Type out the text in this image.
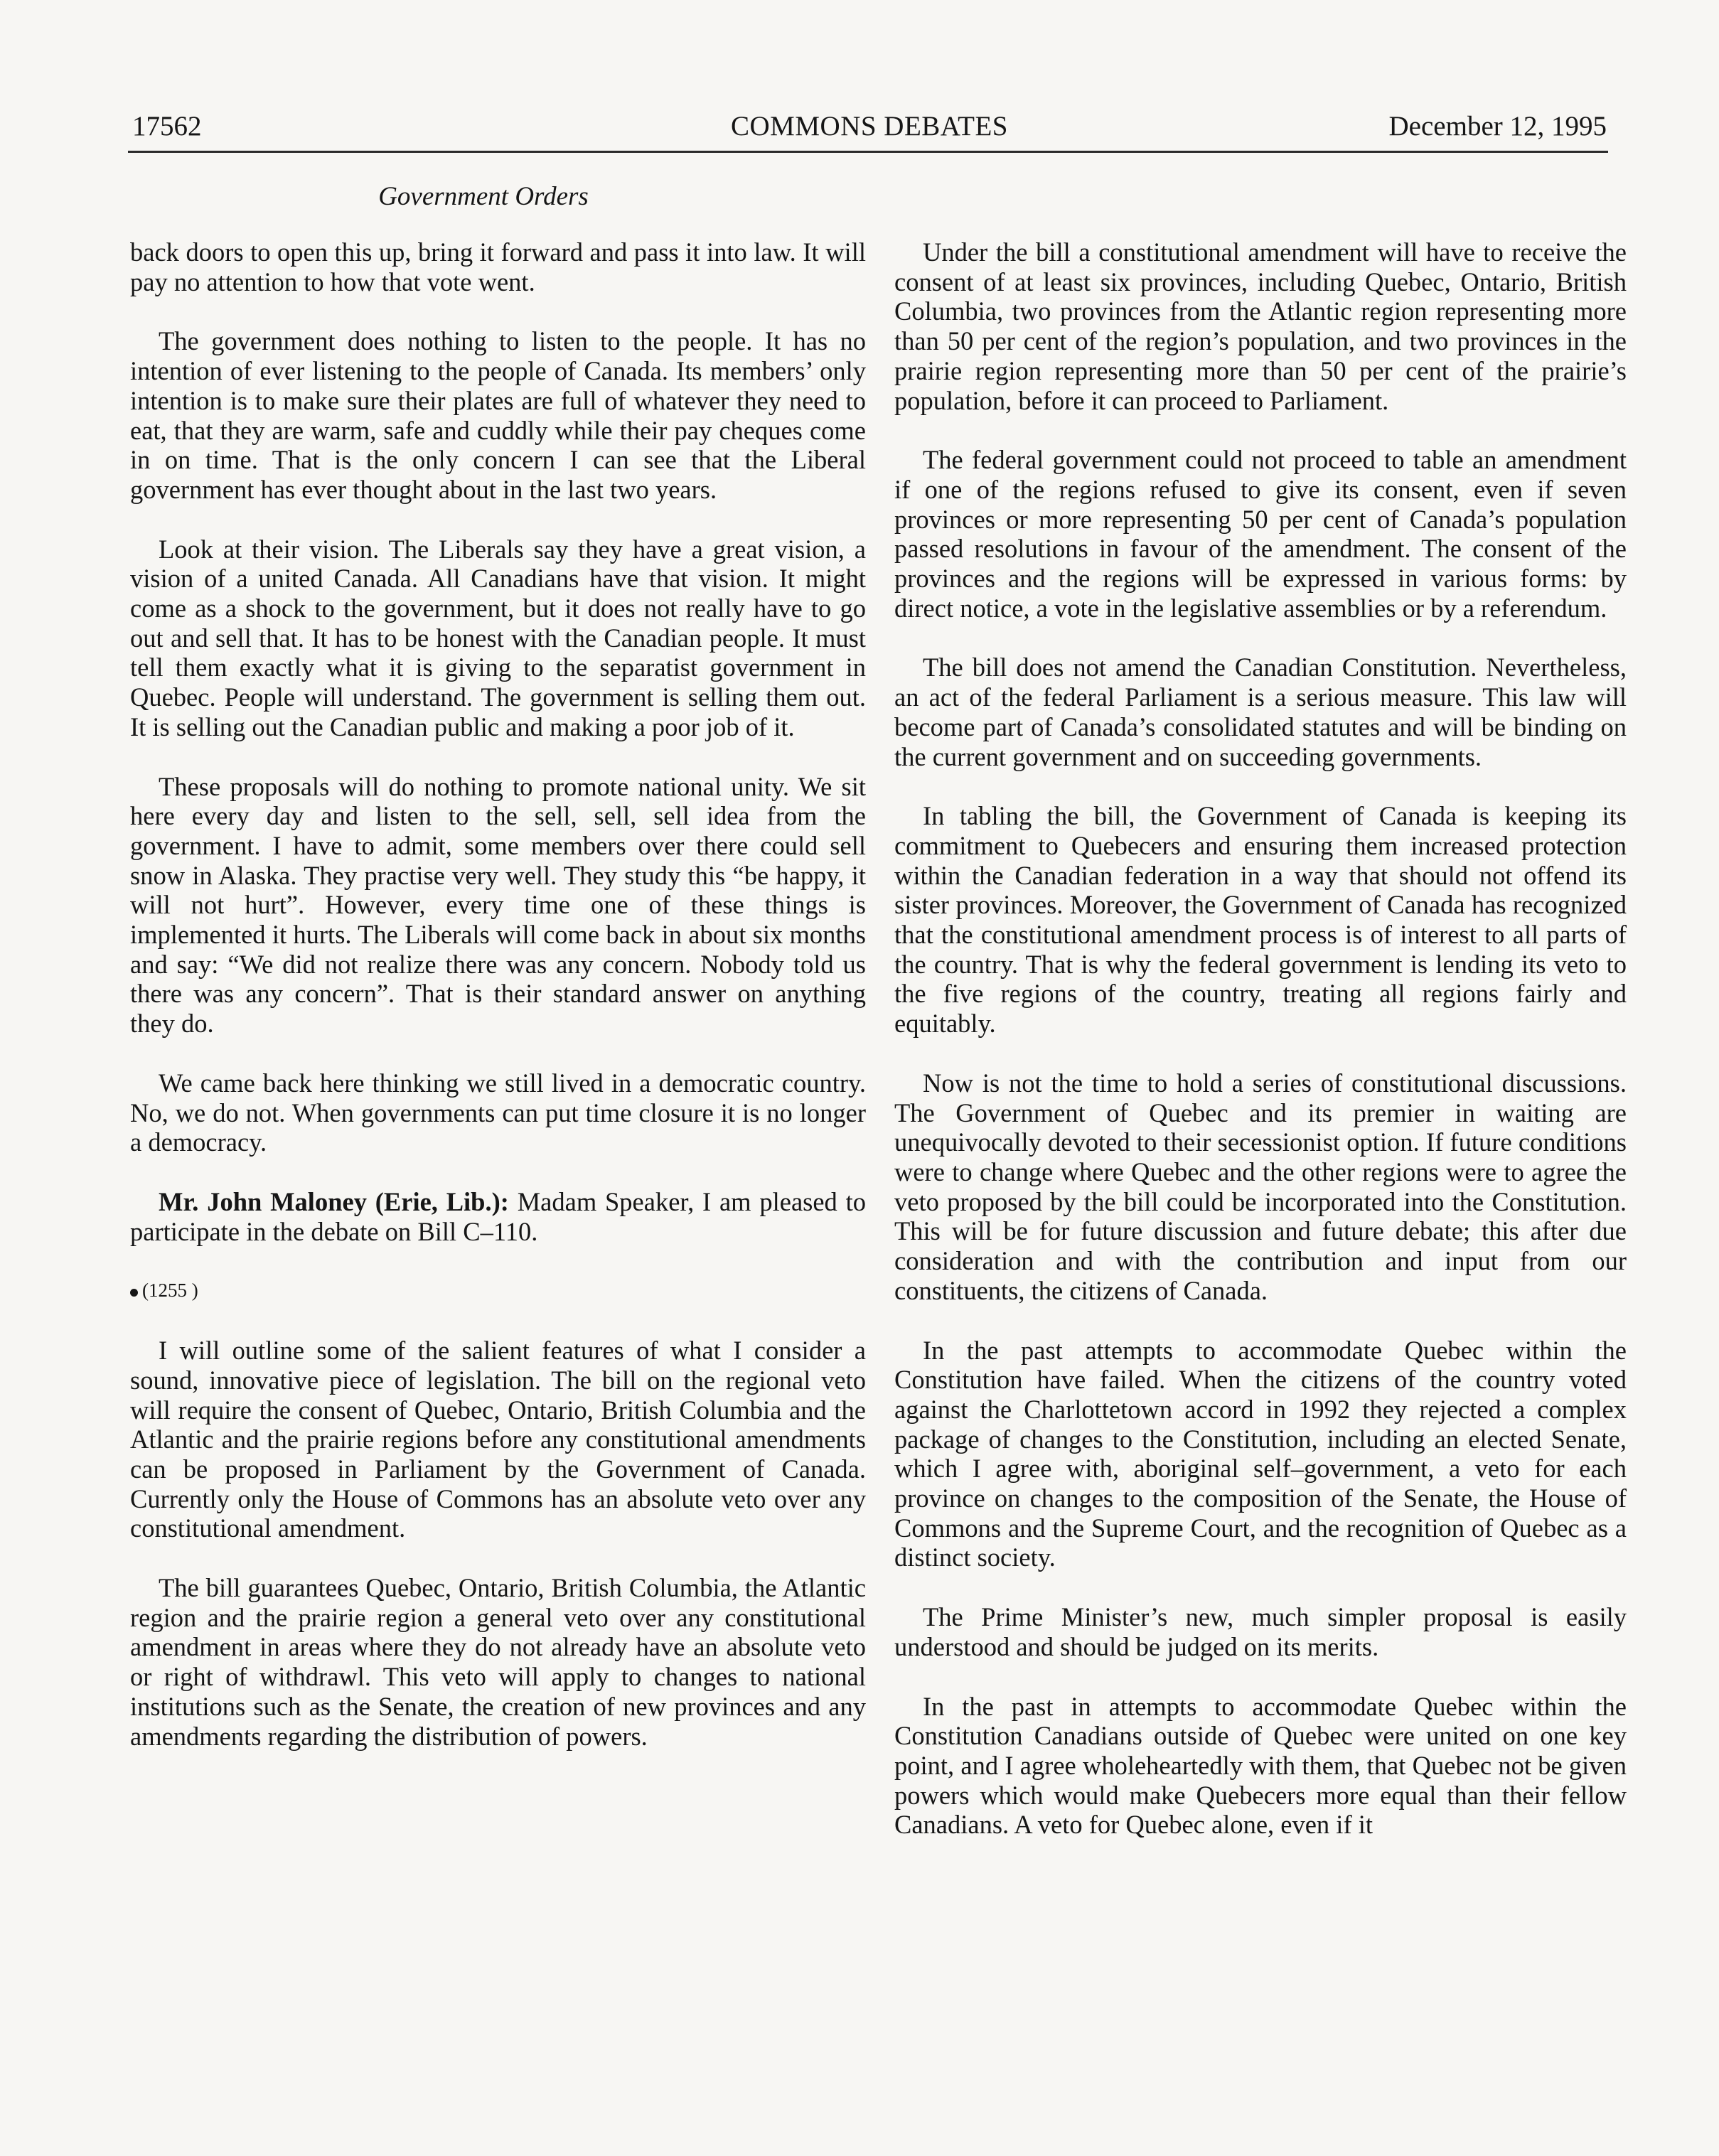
17562	COMMONS DEBATES	December 12, 1995
Government Orders

back doors to open this up, bring it forward and pass it into law. It will pay no attention to how that vote went.

The government does nothing to listen to the people. It has no intention of ever listening to the people of Canada. Its members’ only intention is to make sure their plates are full of whatever they need to eat, that they are warm, safe and cuddly while their pay cheques come in on time. That is the only concern I can see that the Liberal government has ever thought about in the last two years.

Look at their vision. The Liberals say they have a great vision, a vision of a united Canada. All Canadians have that vision. It might come as a shock to the government, but it does not really have to go out and sell that. It has to be honest with the Canadian people. It must tell them exactly what it is giving to the separatist government in Quebec. People will understand. The government is selling them out. It is selling out the Canadian public and making a poor job of it.

These proposals will do nothing to promote national unity. We sit here every day and listen to the sell, sell, sell idea from the government. I have to admit, some members over there could sell snow in Alaska. They practise very well. They study this “be happy, it will not hurt”. However, every time one of these things is implemented it hurts. The Liberals will come back in about six months and say: “We did not realize there was any concern. Nobody told us there was any concern”. That is their standard answer on anything they do.

We came back here thinking we still lived in a democratic country. No, we do not. When governments can put time closure it is no longer a democracy.

Mr. John Maloney (Erie, Lib.): Madam Speaker, I am pleased to participate in the debate on Bill C–110.

(1255 )

I will outline some of the salient features of what I consider a sound, innovative piece of legislation. The bill on the regional veto will require the consent of Quebec, Ontario, British Columbia and the Atlantic and the prairie regions before any constitutional amendments can be proposed in Parliament by the Government of Canada. Currently only the House of Commons has an absolute veto over any constitutional amendment.

The bill guarantees Quebec, Ontario, British Columbia, the Atlantic region and the prairie region a general veto over any constitutional amendment in areas where they do not already have an absolute veto or right of withdrawl. This veto will apply to changes to national institutions such as the Senate, the creation of new provinces and any amendments regarding the distribution of powers.

Under the bill a constitutional amendment will have to receive the consent of at least six provinces, including Quebec, Ontario, British Columbia, two provinces from the Atlantic region representing more than 50 per cent of the region’s population, and two provinces in the prairie region representing more than 50 per cent of the prairie’s population, before it can proceed to Parliament.

The federal government could not proceed to table an amendment if one of the regions refused to give its consent, even if seven provinces or more representing 50 per cent of Canada’s population passed resolutions in favour of the amendment. The consent of the provinces and the regions will be expressed in various forms: by direct notice, a vote in the legislative assemblies or by a referendum.

The bill does not amend the Canadian Constitution. Nevertheless, an act of the federal Parliament is a serious measure. This law will become part of Canada’s consolidated statutes and will be binding on the current government and on succeeding governments.

In tabling the bill, the Government of Canada is keeping its commitment to Quebecers and ensuring them increased protection within the Canadian federation in a way that should not offend its sister provinces. Moreover, the Government of Canada has recognized that the constitutional amendment process is of interest to all parts of the country. That is why the federal government is lending its veto to the five regions of the country, treating all regions fairly and equitably.

Now is not the time to hold a series of constitutional discussions. The Government of Quebec and its premier in waiting are unequivocally devoted to their secessionist option. If future conditions were to change where Quebec and the other regions were to agree the veto proposed by the bill could be incorporated into the Constitution. This will be for future discussion and future debate; this after due consideration and with the contribution and input from our constituents, the citizens of Canada.

In the past attempts to accommodate Quebec within the Constitution have failed. When the citizens of the country voted against the Charlottetown accord in 1992 they rejected a complex package of changes to the Constitution, including an elected Senate, which I agree with, aboriginal self–government, a veto for each province on changes to the composition of the Senate, the House of Commons and the Supreme Court, and the recognition of Quebec as a distinct society.

The Prime Minister’s new, much simpler proposal is easily understood and should be judged on its merits.

In the past in attempts to accommodate Quebec within the Constitution Canadians outside of Quebec were united on one key point, and I agree wholeheartedly with them, that Quebec not be given powers which would make Quebecers more equal than their fellow Canadians. A veto for Quebec alone, even if it
